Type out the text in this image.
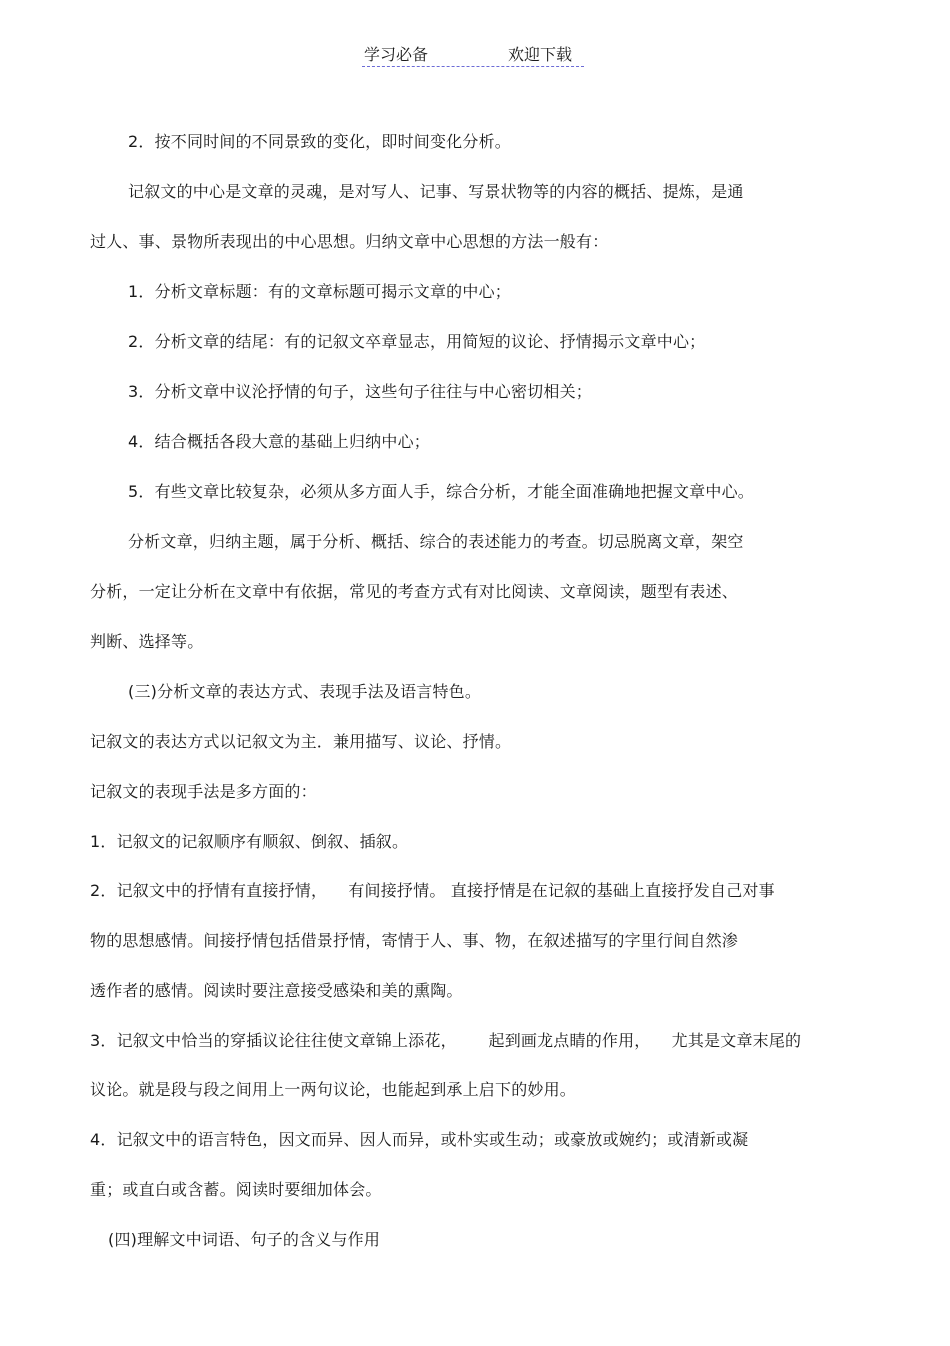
学习必备	欢迎下载
2．按不同时间的不同景致的变化，即时间变化分析。
记叙文的中心是文章的灵魂，是对写人、记事、写景状物等的内容的概括、提炼，是通
过人、事、景物所表现出的中心思想。归纳文章中心思想的方法一般有：
1．分析文章标题：有的文章标题可揭示文章的中心；
2．分析文章的结尾：有的记叙文卒章显志，用简短的议论、抒情揭示文章中心；
3．分析文章中议沦抒情的句子，这些句子往往与中心密切相关；
4．结合概括各段大意的基础上归纳中心；
5．有些文章比较复杂，必须从多方面人手，综合分析，才能全面准确地把握文章中心。
分析文章，归纳主题，属于分析、概括、综合的表述能力的考查。切忌脱离文章，架空
分析，一定让分析在文章中有依据，常见的考查方式有对比阅读、文章阅读，题型有表述、
判断、选择等。
(三)分析文章的表达方式、表现手法及语言特色。
记叙文的表达方式以记叙文为主．兼用描写、议论、抒情。
记叙文的表现手法是多方面的：
1．记叙文的记叙顺序有顺叙、倒叙、插叙。
2．记叙文中的抒情有直接抒情，    有间接抒情。 直接抒情是在记叙的基础上直接抒发自己对事
物的思想感情。间接抒情包括借景抒情，寄情于人、事、物，在叙述描写的字里行间自然渗
透作者的感情。阅读时要注意接受感染和美的熏陶。
3．记叙文中恰当的穿插议论往往使文章锦上添花，      起到画龙点睛的作用，    尤其是文章末尾的
议论。就是段与段之间用上一两句议论，也能起到承上启下的妙用。
4．记叙文中的语言特色，因文而异、因人而异，或朴实或生动；或豪放或婉约；或清新或凝
重；或直白或含蓄。阅读时要细加体会。
(四)理解文中词语、句子的含义与作用
